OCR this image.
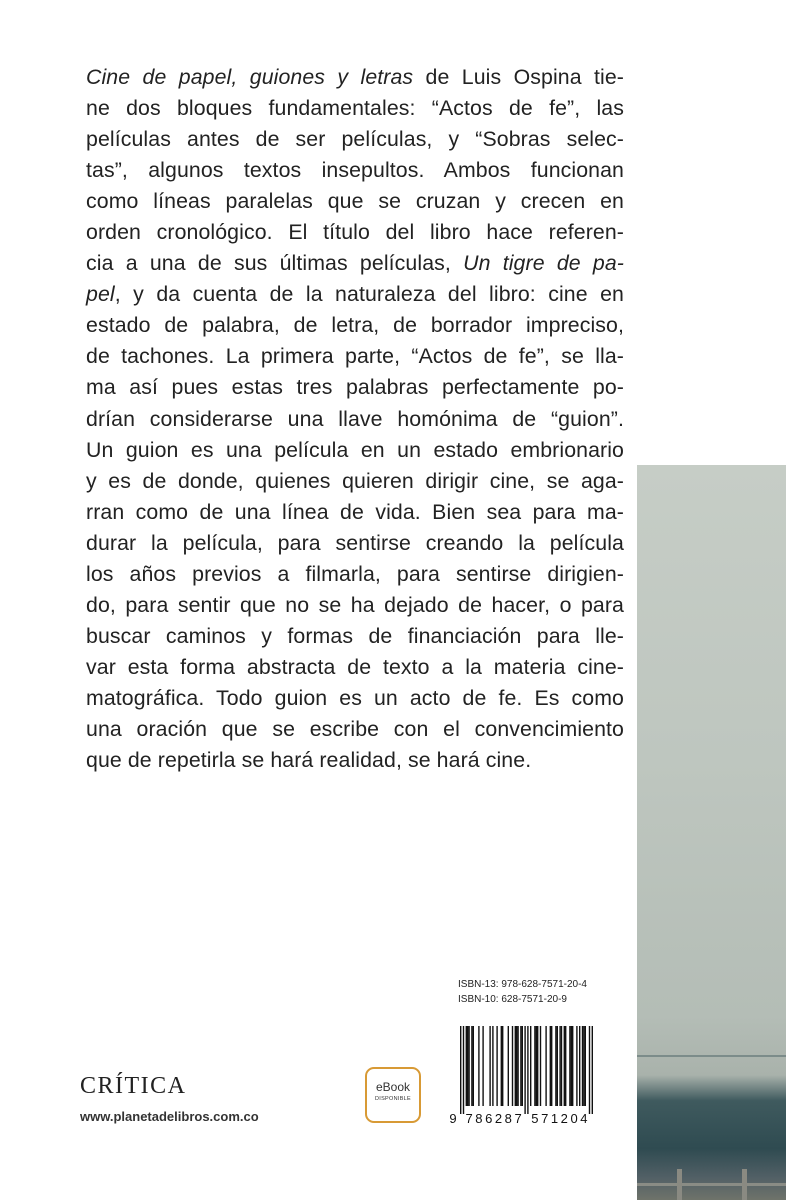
Cine de papel, guiones y letras de Luis Ospina tie-
ne dos bloques fundamentales: “Actos de fe”, las
películas antes de ser películas, y “Sobras selec-
tas”, algunos textos insepultos. Ambos funcionan
como líneas paralelas que se cruzan y crecen en
orden cronológico. El título del libro hace referen-
cia a una de sus últimas películas, Un tigre de pa-
pel, y da cuenta de la naturaleza del libro: cine en
estado de palabra, de letra, de borrador impreciso,
de tachones. La primera parte, “Actos de fe”, se lla-
ma así pues estas tres palabras perfectamente po-
drían considerarse una llave homónima de “guion”.
Un guion es una película en un estado embrionario
y es de donde, quienes quieren dirigir cine, se aga-
rran como de una línea de vida. Bien sea para ma-
durar la película, para sentirse creando la película
los años previos a filmarla, para sentirse dirigien-
do, para sentir que no se ha dejado de hacer, o para
buscar caminos y formas de financiación para lle-
var esta forma abstracta de texto a la materia cine-
matográfica. Todo guion es un acto de fe. Es como
una oración que se escribe con el convencimiento
que de repetirla se hará realidad, se hará cine.

CRÍTICA
www.planetadelibros.com.co
eBook
DISPONIBLE
ISBN-13: 978-628-7571-20-4
ISBN-10: 628-7571-20-9
9 7 8 6 2 8 7 5 7 1 2 0 4
